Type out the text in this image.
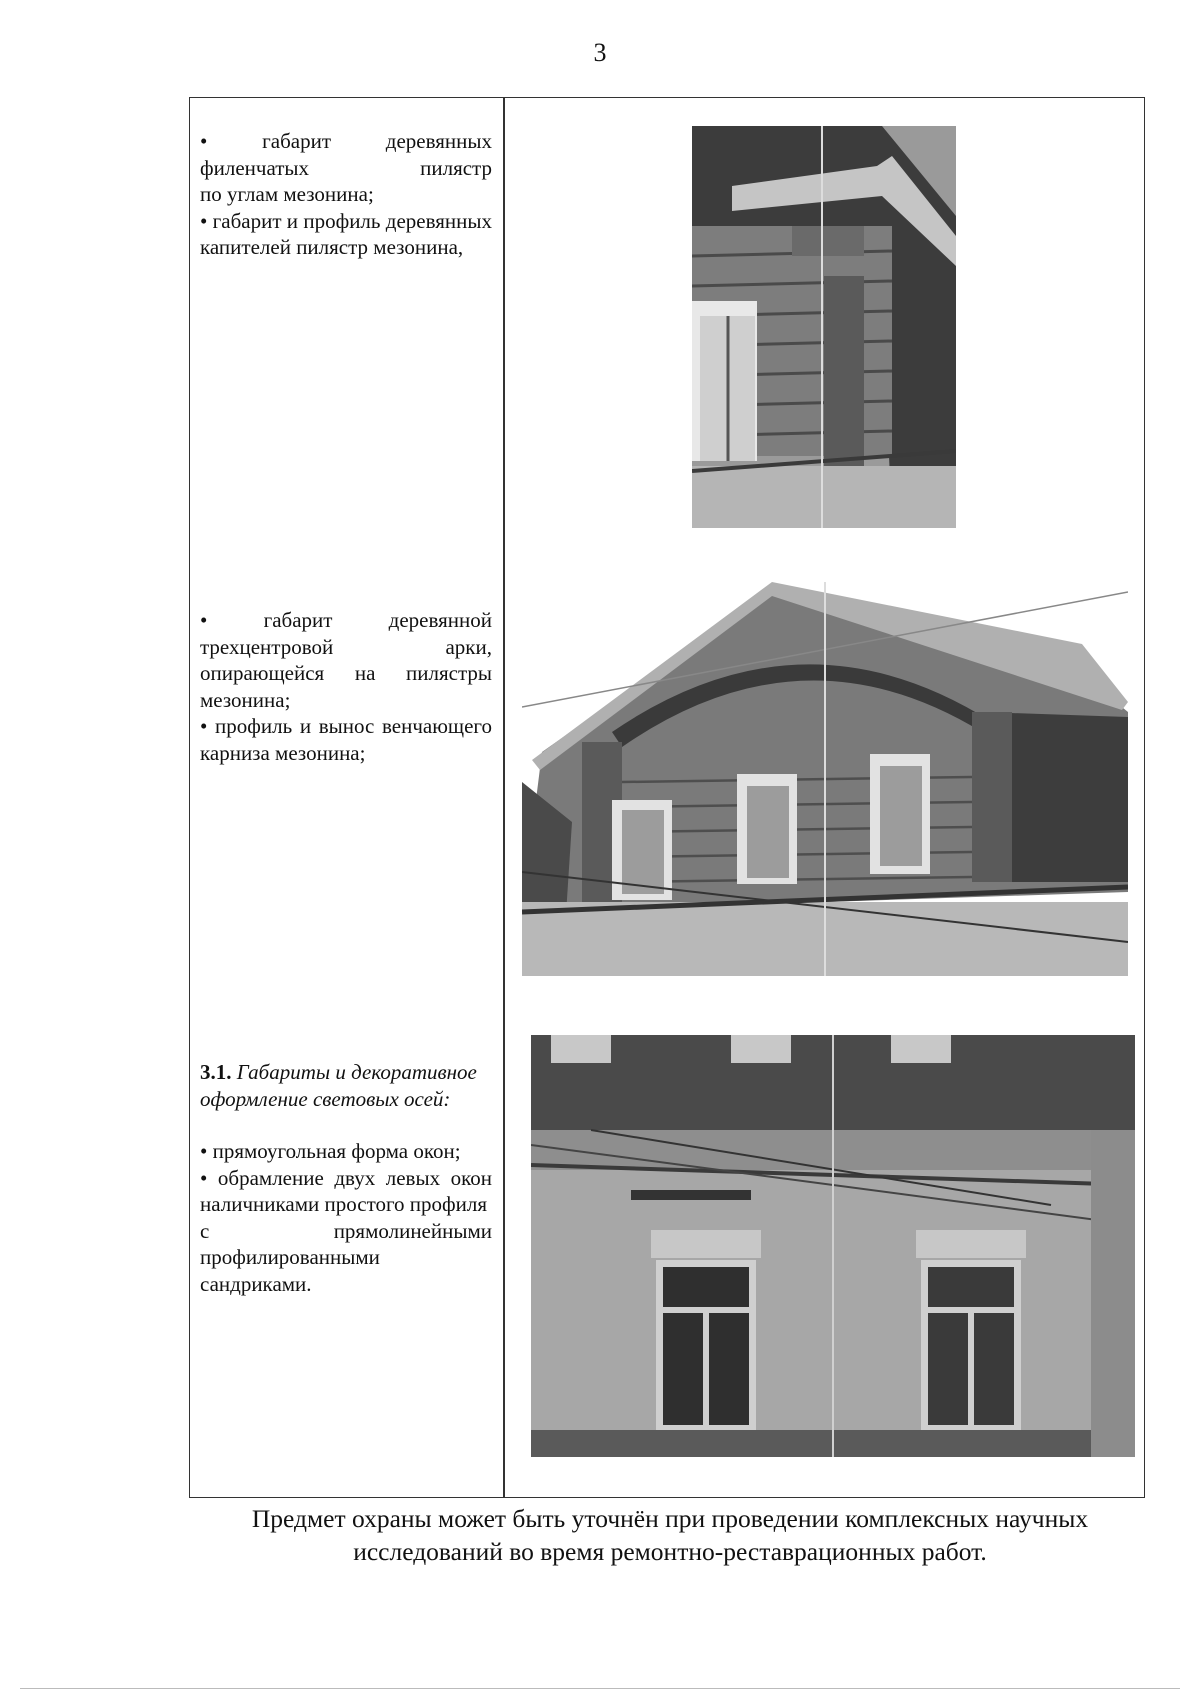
3

•	габарит деревянных филенчатых пилястр

по углам мезонина;

• габарит и профиль деревянных капителей пилястр мезонина,

•	габарит деревянной трехцентровой арки, опирающейся на пилястры мезонина;

• профиль и вынос венчающего карниза мезонина;

3.1. Габариты и декоративное оформление световых осей:

• прямоугольная форма окон;

• обрамление двух левых окон наличниками простого профиля

с прямолинейными профилированными сандриками.

Предмет охраны может быть уточнён при проведении комплексных научных исследований во время ремонтно-реставрационных работ.
